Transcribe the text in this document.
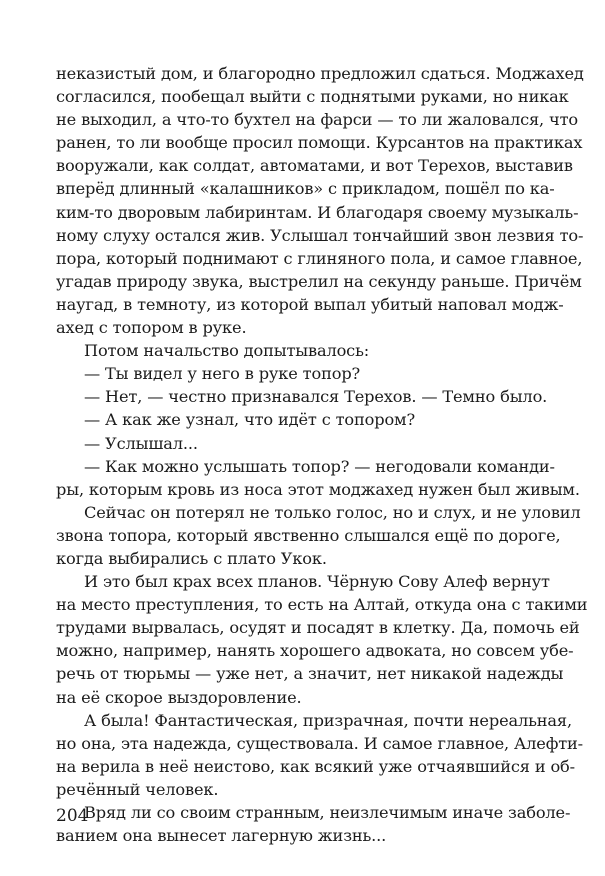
неказистый дом, и благородно предложил сдаться. Моджахед
согласился, пообещал выйти с поднятыми руками, но никак
не выходил, а что-то бухтел на фарси — то ли жаловался, что
ранен, то ли вообще просил помощи. Курсантов на практиках
вооружали, как солдат, автоматами, и вот Терехов, выставив
вперёд длинный «калашников» с прикладом, пошёл по ка-
ким-то дворовым лабиринтам. И благодаря своему музыкаль-
ному слуху остался жив. Услышал тончайший звон лезвия то-
пора, который поднимают с глиняного пола, и самое главное,
угадав природу звука, выстрелил на секунду раньше. Причём
наугад, в темноту, из которой выпал убитый наповал модж-
ахед с топором в руке.
Потом начальство допытывалось:
— Ты видел у него в руке топор?
— Нет, — честно признавался Терехов. — Темно было.
— А как же узнал, что идёт с топором?
— Услышал...
— Как можно услышать топор? — негодовали команди-
ры, которым кровь из носа этот моджахед нужен был живым.
Сейчас он потерял не только голос, но и слух, и не уловил
звона топора, который явственно слышался ещё по дороге,
когда выбирались с плато Укок.
И это был крах всех планов. Чёрную Сову Алеф вернут
на место преступления, то есть на Алтай, откуда она с такими
трудами вырвалась, осудят и посадят в клетку. Да, помочь ей
можно, например, нанять хорошего адвоката, но совсем убе-
речь от тюрьмы — уже нет, а значит, нет никакой надежды
на её скорое выздоровление.
А была! Фантастическая, призрачная, почти нереальная,
но она, эта надежда, существовала. И самое главное, Алефти-
на верила в неё неистово, как всякий уже отчаявшийся и об-
речённый человек.
Вряд ли со своим странным, неизлечимым иначе заболе-
ванием она вынесет лагерную жизнь...
204
